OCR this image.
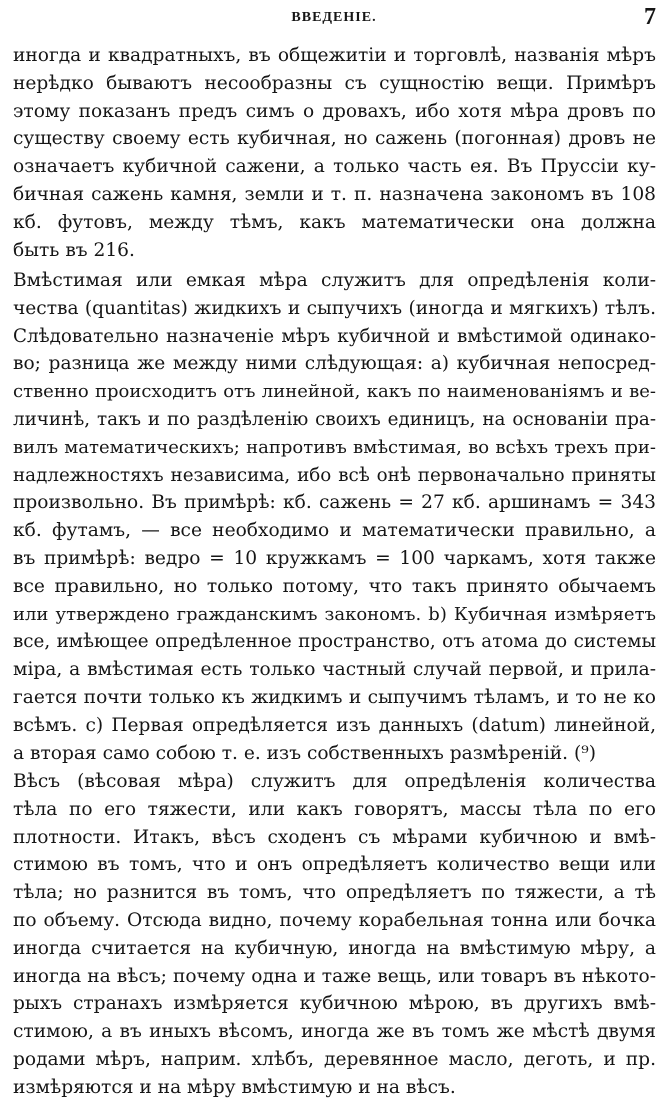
ВВЕДЕНІЕ.	7
иногда и квадратныхъ, въ общежитіи и торговлѣ, названія мѣръ
нерѣдко бываютъ несообразны съ сущностію вещи. Примѣръ
этому показанъ предъ симъ о дровахъ, ибо хотя мѣра дровъ по
существу своему есть кубичная, но сажень (погонная) дровъ не
означаетъ кубичной сажени, а только часть ея. Въ Пруссіи ку-
бичная сажень камня, земли и т. п. назначена закономъ въ 108
кб. футовъ, между тѣмъ, какъ математически она должна
быть въ 216.
Вмѣстимая или емкая мѣра служитъ для опредѣленія коли-
чества (quantitas) жидкихъ и сыпучихъ (иногда и мягкихъ) тѣлъ.
Слѣдовательно назначеніе мѣръ кубичной и вмѣстимой одинако-
во; разница же между ними слѣдующая: а) кубичная непосред-
ственно происходитъ отъ линейной, какъ по наименованіямъ и ве-
личинѣ, такъ и по раздѣленію своихъ единицъ, на основаніи пра-
вилъ математическихъ; напротивъ вмѣстимая, во всѣхъ трехъ при-
надлежностяхъ независима, ибо всѣ онѣ первоначально приняты
произвольно. Въ примѣрѣ: кб. сажень = 27 кб. аршинамъ = 343
кб. футамъ, — все необходимо и математически правильно, а
въ примѣрѣ: ведро = 10 кружкамъ = 100 чаркамъ, хотя также
все правильно, но только потому, что такъ принято обычаемъ
или утверждено гражданскимъ закономъ. b) Кубичная измѣряетъ
все, имѣющее опредѣленное пространство, отъ атома до системы
міра, а вмѣстимая есть только частный случай первой, и прила-
гается почти только къ жидкимъ и сыпучимъ тѣламъ, и то не ко
всѣмъ. с) Первая опредѣляется изъ данныхъ (datum) линейной,
а вторая само собою т. е. изъ собственныхъ размѣреній. (⁹)
Вѣсъ (вѣсовая мѣра) служитъ для опредѣленія количества
тѣла по его тяжести, или какъ говорятъ, массы тѣла по его
плотности. Итакъ, вѣсъ сходенъ съ мѣрами кубичною и вмѣ-
стимою въ томъ, что и онъ опредѣляетъ количество вещи или
тѣла; но разнится въ томъ, что опредѣляетъ по тяжести, а тѣ
по объему. Отсюда видно, почему корабельная тонна или бочка
иногда считается на кубичную, иногда на вмѣстимую мѣру, а
иногда на вѣсъ; почему одна и таже вещь, или товаръ въ нѣкото-
рыхъ странахъ измѣряется кубичною мѣрою, въ другихъ вмѣ-
стимою, а въ иныхъ вѣсомъ, иногда же въ томъ же мѣстѣ двумя
родами мѣръ, наприм. хлѣбъ, деревянное масло, деготь, и пр.
измѣряются и на мѣру вмѣстимую и на вѣсъ.
